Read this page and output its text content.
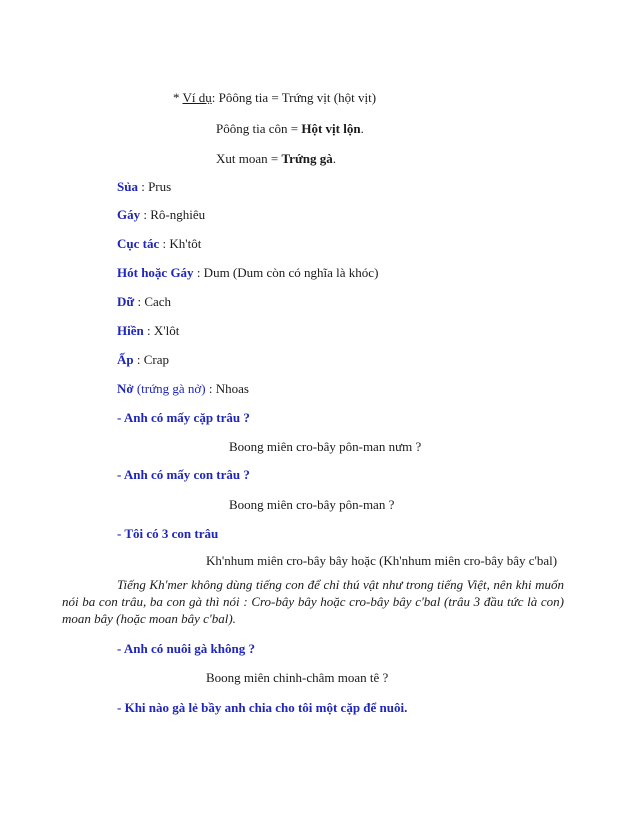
* Ví dụ: Pôông tia = Trứng vịt (hột vịt)
Pôông tia côn = Hột vịt lộn.
Xut moan = Trứng gà.
Sủa : Prus
Gáy : Rô-nghiêu
Cục tác : Kh'tôt
Hót hoặc Gáy : Dum (Dum còn có nghĩa là khóc)
Dữ : Cach
Hiền : X'lôt
Ấp : Crap
Nở (trứng gà nở) : Nhoas
- Anh có mấy cặp trâu ?
Boong miên cro-bây pôn-man nưm ?
- Anh có mấy con trâu ?
Boong miên cro-bây pôn-man ?
- Tôi có 3 con trâu
Kh'nhum miên cro-bây bây hoặc (Kh'nhum miên cro-bây bây c'bal)
Tiếng Kh'mer không dùng tiếng con để chỉ thú vật như trong tiếng Việt, nên khi muốn nói ba con trâu, ba con gà thì nói : Cro-bây bây hoặc cro-bây bây c'bal (trâu 3 đầu tức là con) moan bây (hoặc moan bây c'bal).
- Anh có nuôi gà không ?
Boong miên chinh-châm moan tê ?
- Khi nào gà lẻ bầy anh chia cho tôi một cặp để nuôi.
